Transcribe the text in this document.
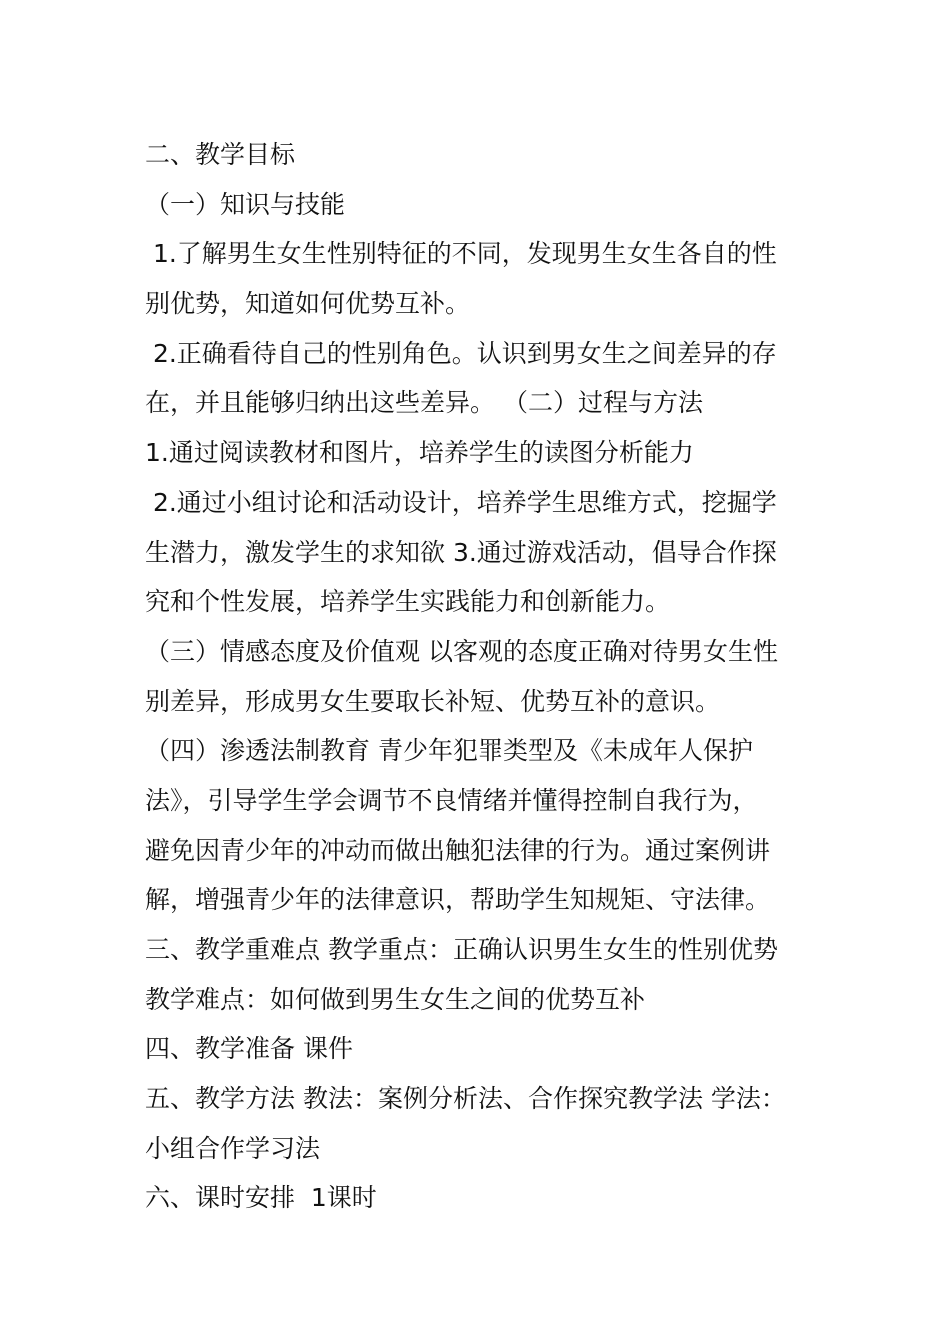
二、教学目标
（一）知识与技能
1.了解男生女生性别特征的不同，发现男生女生各自的性
别优势，知道如何优势互补。
2.正确看待自己的性别角色。认识到男女生之间差异的存
在，并且能够归纳出这些差异。 （二）过程与方法
1.通过阅读教材和图片，培养学生的读图分析能力
2.通过小组讨论和活动设计，培养学生思维方式，挖掘学
生潜力，激发学生的求知欲 3.通过游戏活动，倡导合作探
究和个性发展，培养学生实践能力和创新能力。
（三）情感态度及价值观 以客观的态度正确对待男女生性
别差异，形成男女生要取长补短、优势互补的意识。
（四）渗透法制教育 青少年犯罪类型及《未成年人保护
法》，引导学生学会调节不良情绪并懂得控制自我行为，
避免因青少年的冲动而做出触犯法律的行为。通过案例讲
解，增强青少年的法律意识，帮助学生知规矩、守法律。
三、教学重难点 教学重点：正确认识男生女生的性别优势
教学难点：如何做到男生女生之间的优势互补
四、教学准备 课件
五、教学方法 教法：案例分析法、合作探究教学法 学法：
小组合作学习法
六、课时安排  1课时
